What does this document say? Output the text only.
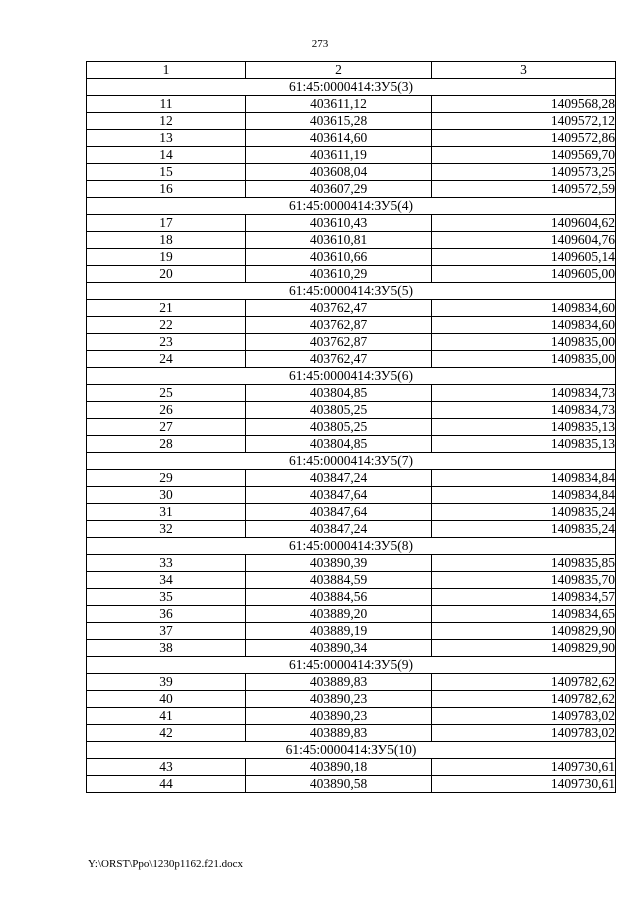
273
1	2	3
61:45:0000414:ЗУ5(3)		
11	403611,12	1409568,28
12	403615,28	1409572,12
13	403614,60	1409572,86
14	403611,19	1409569,70
15	403608,04	1409573,25
16	403607,29	1409572,59
61:45:0000414:ЗУ5(4)		
17	403610,43	1409604,62
18	403610,81	1409604,76
19	403610,66	1409605,14
20	403610,29	1409605,00
61:45:0000414:ЗУ5(5)		
21	403762,47	1409834,60
22	403762,87	1409834,60
23	403762,87	1409835,00
24	403762,47	1409835,00
61:45:0000414:ЗУ5(6)		
25	403804,85	1409834,73
26	403805,25	1409834,73
27	403805,25	1409835,13
28	403804,85	1409835,13
61:45:0000414:ЗУ5(7)		
29	403847,24	1409834,84
30	403847,64	1409834,84
31	403847,64	1409835,24
32	403847,24	1409835,24
61:45:0000414:ЗУ5(8)		
33	403890,39	1409835,85
34	403884,59	1409835,70
35	403884,56	1409834,57
36	403889,20	1409834,65
37	403889,19	1409829,90
38	403890,34	1409829,90
61:45:0000414:ЗУ5(9)		
39	403889,83	1409782,62
40	403890,23	1409782,62
41	403890,23	1409783,02
42	403889,83	1409783,02
61:45:0000414:ЗУ5(10)		
43	403890,18	1409730,61
44	403890,58	1409730,61
Y:\ORST\Ppo\1230p1162.f21.docx
